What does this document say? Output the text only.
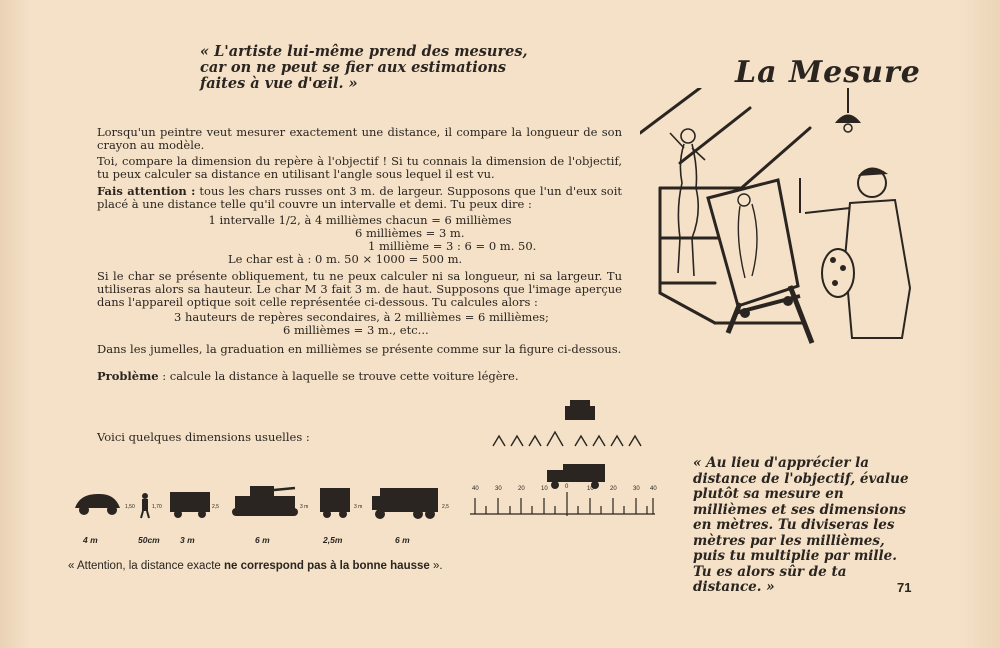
« L'artiste lui-même prend des mesures, car on ne peut se fier aux estimations faites à vue d'œil. »	La Mesure
Lorsqu'un peintre veut mesurer exactement une distance, il compare la longueur de son crayon au modèle.
Toi, compare la dimension du repère à l'objectif ! Si tu connais la dimension de l'objectif, tu peux calculer sa distance en utilisant l'angle sous lequel il est vu.
Fais attention : tous les chars russes ont 3 m. de largeur. Supposons que l'un d'eux soit placé à une distance telle qu'il couvre un intervalle et demi. Tu peux dire :
1 intervalle 1/2, à 4 millièmes chacun = 6 millièmes
6 millièmes = 3 m.
1 millième = 3 : 6 = 0 m. 50.
Le char est à : 0 m. 50 × 1000 = 500 m.
Si le char se présente obliquement, tu ne peux calculer ni sa longueur, ni sa largeur. Tu utiliseras alors sa hauteur. Le char M 3 fait 3 m. de haut. Supposons que l'image aperçue dans l'appareil optique soit celle représentée ci-dessous. Tu calcules alors :
3 hauteurs de repères secondaires, à 2 millièmes = 6 millièmes;
6 millièmes = 3 m., etc...
Dans les jumelles, la graduation en millièmes se présente comme sur la figure ci-dessous.
Problème : calcule la distance à laquelle se trouve cette voiture légère.
Voici quelques dimensions usuelles :
40	30	20	10	0	10	20	30 40
1,50	1,70	2,5	3 m	3 m	2,5
4 m	50cm 3 m	6 m	2,5m	6 m
« Attention, la distance exacte ne correspond pas à la bonne hausse ».
« Au lieu d'apprécier la distance de l'objectif, évalue plutôt sa mesure en millièmes et ses dimensions en mètres. Tu diviseras les mètres par les millièmes, puis tu multiplie par mille. Tu es alors sûr de ta distance. »	71
